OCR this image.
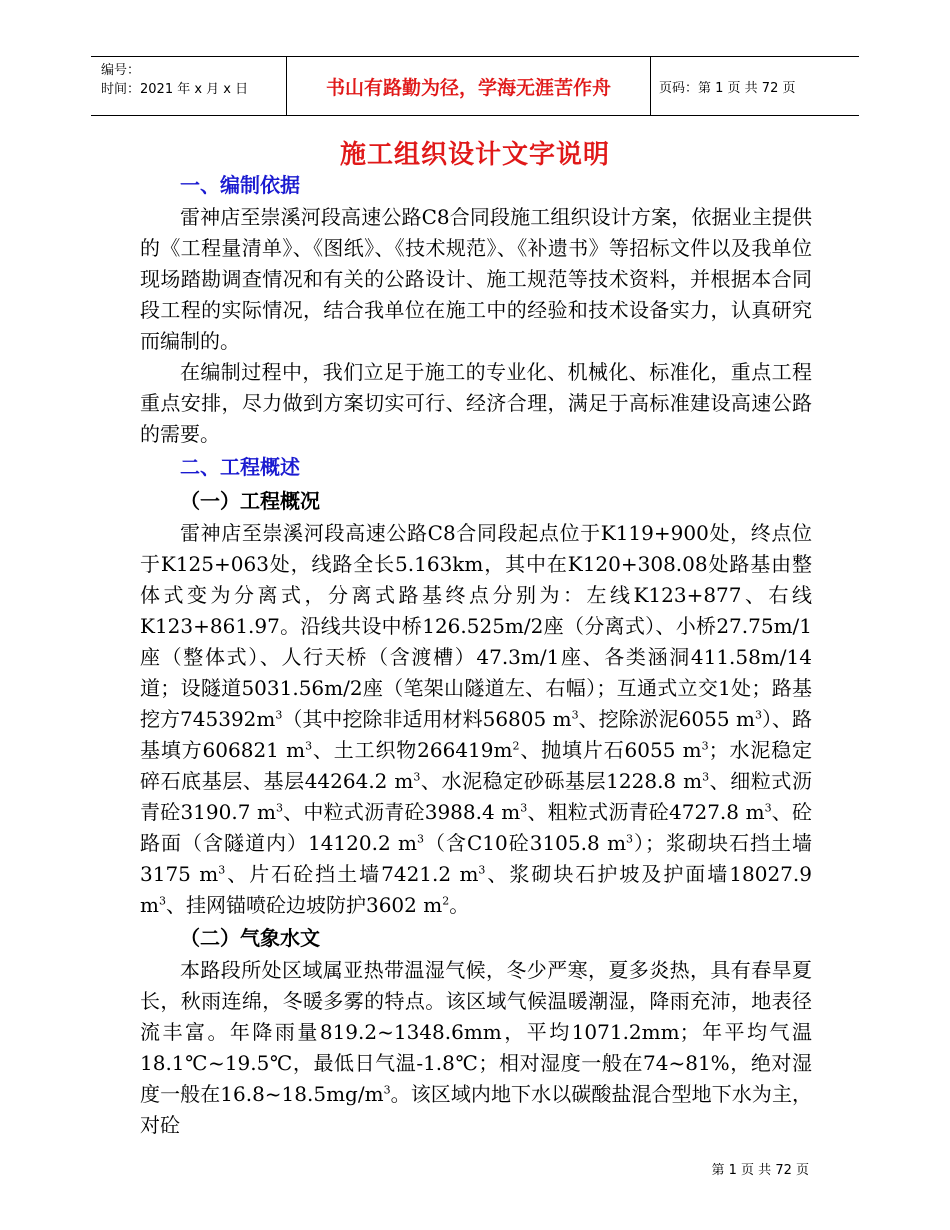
编号：
时间：2021 年 x 月 x 日	书山有路勤为径，学海无涯苦作舟	页码：第 1 页 共 72 页
施工组织设计文字说明
一、编制依据

雷神店至崇溪河段高速公路C8合同段施工组织设计方案，依据业主提供的《工程量清单》、《图纸》、《技术规范》、《补遗书》等招标文件以及我单位现场踏勘调查情况和有关的公路设计、施工规范等技术资料，并根据本合同段工程的实际情况，结合我单位在施工中的经验和技术设备实力，认真研究而编制的。

在编制过程中，我们立足于施工的专业化、机械化、标准化，重点工程重点安排，尽力做到方案切实可行、经济合理，满足于高标准建设高速公路的需要。

二、工程概述
（一）工程概况

雷神店至崇溪河段高速公路C8合同段起点位于K119+900处，终点位于K125+063处，线路全长5.163km，其中在K120+308.08处路基由整体式变为分离式，分离式路基终点分别为：左线K123+877、右线K123+861.97。沿线共设中桥126.525m/2座（分离式）、小桥27.75m/1座（整体式）、人行天桥（含渡槽）47.3m/1座、各类涵洞411.58m/14道；设隧道5031.56m/2座（笔架山隧道左、右幅）；互通式立交1处；路基挖方$745392m^3$（其中挖除非适用材料56805 $m^3$、挖除淤泥6055 $m^3$）、路基填方606821 $m^3$、土工织物$266419m^2$、抛填片石6055 $m^3$；水泥稳定碎石底基层、基层44264.2 $m^3$、水泥稳定砂砾基层1228.8 $m^3$、细粒式沥青砼3190.7 $m^3$、中粒式沥青砼3988.4 $m^3$、粗粒式沥青砼4727.8 $m^3$、砼路面（含隧道内）14120.2 $m^3$（含C10砼3105.8 $m^3$）；浆砌块石挡土墙3175 $m^3$、片石砼挡土墙7421.2 $m^3$、浆砌块石护坡及护面墙18027.9 $m^3$、挂网锚喷砼边坡防护3602 $m^2$。

（二）气象水文

本路段所处区域属亚热带温湿气候，冬少严寒，夏多炎热，具有春旱夏长，秋雨连绵，冬暖多雾的特点。该区域气候温暖潮湿，降雨充沛，地表径流丰富。年降雨量819.2~1348.6mm，平均1071.2mm；年平均气温18.1℃~19.5℃，最低日气温-1.8℃；相对湿度一般在74~81%，绝对湿度一般在$16.8\sim 18.5mg/m^3$。该区域内地下水以碳酸盐混合型地下水为主，对砼

第 1 页 共 72 页
